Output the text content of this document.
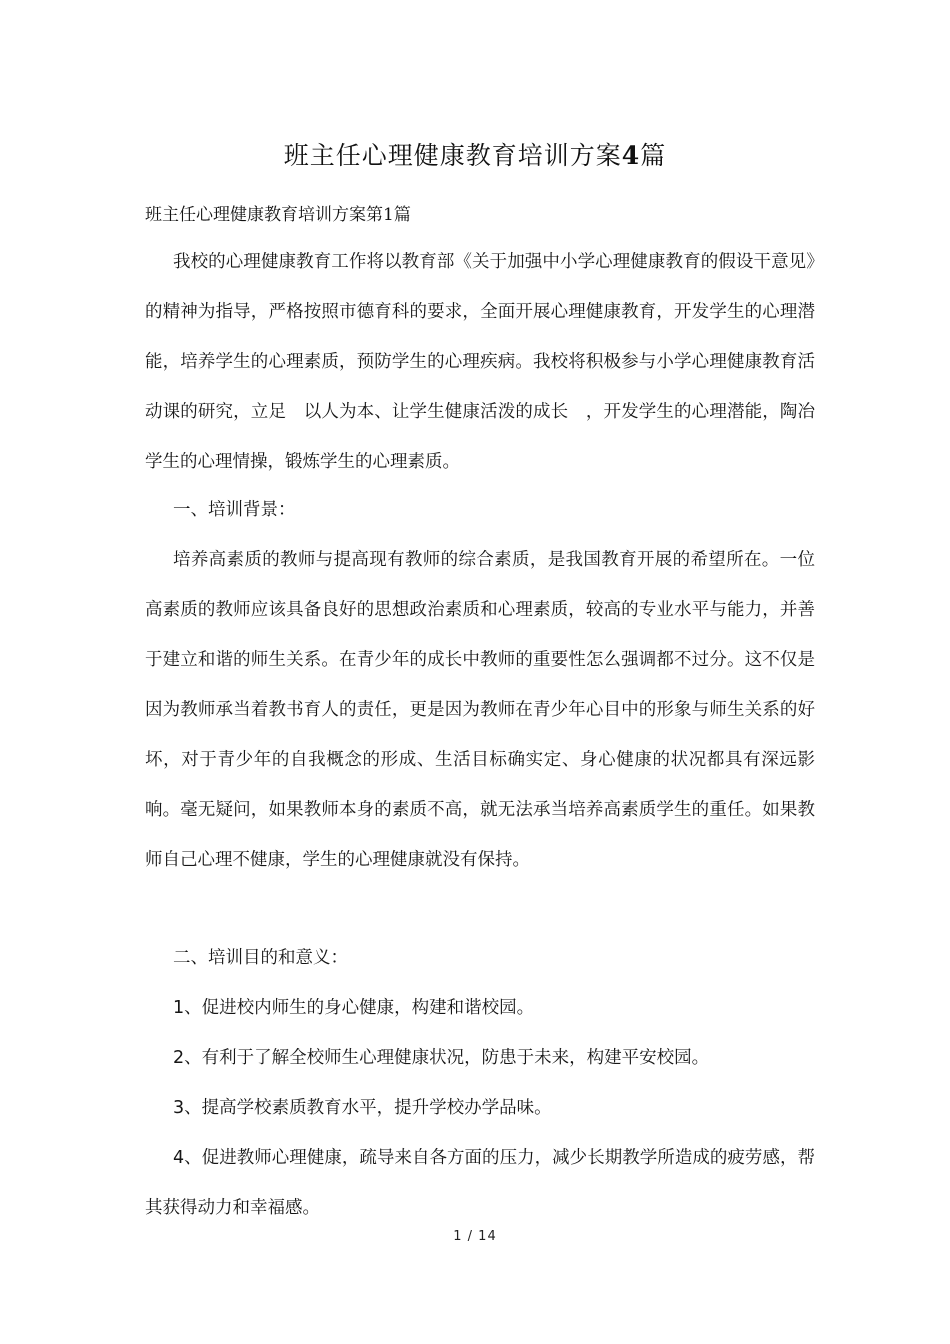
班主任心理健康教育培训方案4篇

班主任心理健康教育培训方案第1篇

我校的心理健康教育工作将以教育部《关于加强中小学心理健康教育的假设干意见》的精神为指导，严格按照市德育科的要求，全面开展心理健康教育，开发学生的心理潜能，培养学生的心理素质，预防学生的心理疾病。我校将积极参与小学心理健康教育活动课的研究，立足　以人为本、让学生健康活泼的成长　，开发学生的心理潜能，陶冶学生的心理情操，锻炼学生的心理素质。

一、培训背景：

培养高素质的教师与提高现有教师的综合素质，是我国教育开展的希望所在。一位高素质的教师应该具备良好的思想政治素质和心理素质，较高的专业水平与能力，并善于建立和谐的师生关系。在青少年的成长中教师的重要性怎么强调都不过分。这不仅是因为教师承当着教书育人的责任，更是因为教师在青少年心目中的形象与师生关系的好坏，对于青少年的自我概念的形成、生活目标确实定、身心健康的状况都具有深远影响。毫无疑问，如果教师本身的素质不高，就无法承当培养高素质学生的重任。如果教师自己心理不健康，学生的心理健康就没有保持。

二、培训目的和意义：

1、促进校内师生的身心健康，构建和谐校园。

2、有利于了解全校师生心理健康状况，防患于未来，构建平安校园。

3、提高学校素质教育水平，提升学校办学品味。

4、促进教师心理健康，疏导来自各方面的压力，减少长期教学所造成的疲劳感，帮其获得动力和幸福感。

1 / 14
